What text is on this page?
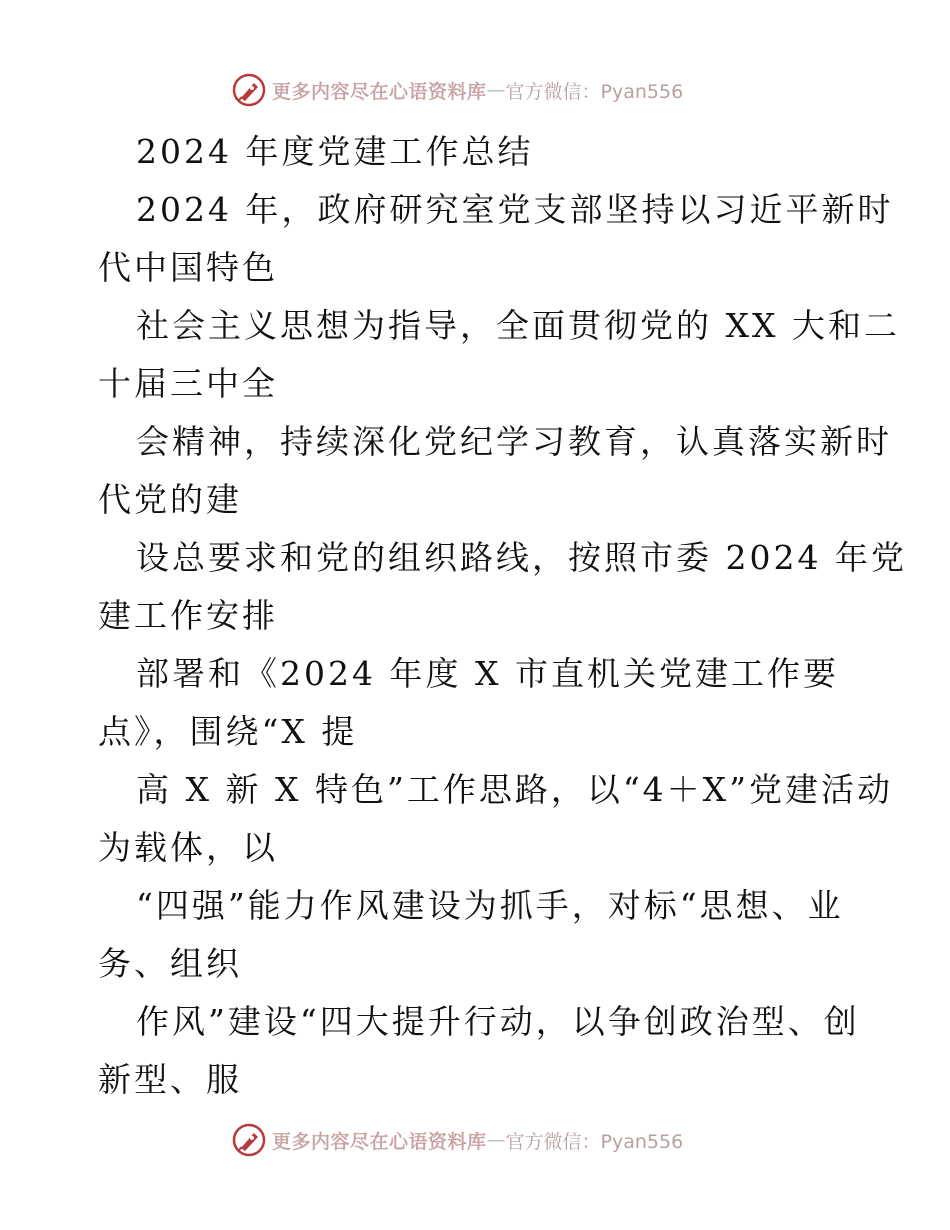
更多内容尽在心语资料库 — 官方微信：Pyan556
2024 年度党建工作总结
2024 年，政府研究室党支部坚持以习近平新时
代中国特色
社会主义思想为指导，全面贯彻党的 XX 大和二
十届三中全
会精神，持续深化党纪学习教育，认真落实新时
代党的建
设总要求和党的组织路线，按照市委 2024 年党
建工作安排
部署和《2024 年度 X 市直机关党建工作要
点》，围绕“X 提
高 X 新 X 特色”工作思路，以“4＋X”党建活动
为载体，以
“四强”能力作风建设为抓手，对标“思想、业
务、组织
作风”建设“四大提升行动，以争创政治型、创
新型、服
更多内容尽在心语资料库 — 官方微信：Pyan556
